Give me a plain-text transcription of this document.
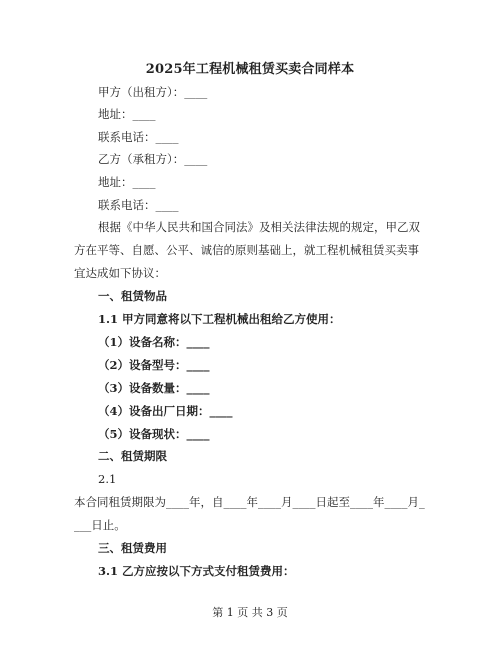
2025年工程机械租赁买卖合同样本
甲方（出租方）：____
地址：____
联系电话：____
乙方（承租方）：____
地址：____
联系电话：____
根据《中华人民共和国合同法》及相关法律法规的规定，甲乙双
方在平等、自愿、公平、诚信的原则基础上，就工程机械租赁买卖事
宜达成如下协议：
一、租赁物品
1.1 甲方同意将以下工程机械出租给乙方使用：
（1）设备名称：____
（2）设备型号：____
（3）设备数量：____
（4）设备出厂日期：____
（5）设备现状：____
二、租赁期限
2.1
本合同租赁期限为____年，自____年____月____日起至____年____月_
___日止。
三、租赁费用
3.1 乙方应按以下方式支付租赁费用：
第 1 页 共 3 页
